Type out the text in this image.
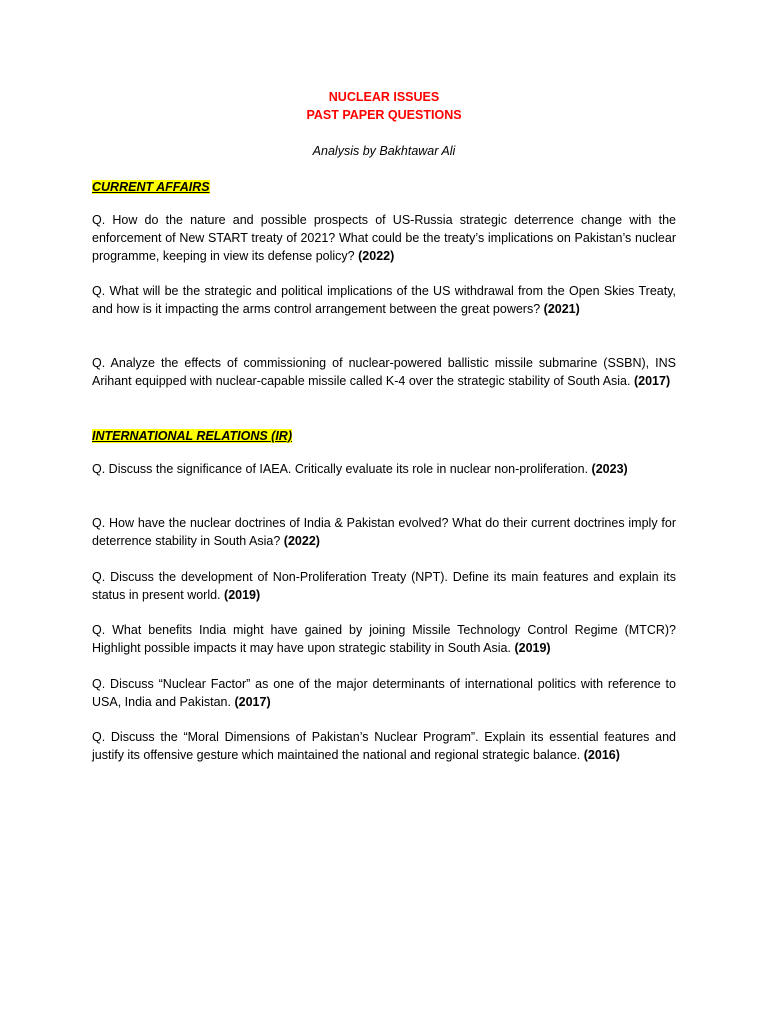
NUCLEAR ISSUES

PAST PAPER QUESTIONS

Analysis by Bakhtawar Ali

CURRENT AFFAIRS

Q. How do the nature and possible prospects of US-Russia strategic deterrence change with the enforcement of New START treaty of 2021? What could be the treaty’s implications on Pakistan’s nuclear programme, keeping in view its defense policy? (2022)

Q. What will be the strategic and political implications of the US withdrawal from the Open Skies Treaty, and how is it impacting the arms control arrangement between the great powers? (2021)

Q. Analyze the effects of commissioning of nuclear-powered ballistic missile submarine (SSBN), INS Arihant equipped with nuclear-capable missile called K-4 over the strategic stability of South Asia. (2017)

INTERNATIONAL RELATIONS (IR)

Q. Discuss the significance of IAEA. Critically evaluate its role in nuclear non-proliferation. (2023)

Q. How have the nuclear doctrines of India & Pakistan evolved? What do their current doctrines imply for deterrence stability in South Asia? (2022)

Q. Discuss the development of Non-Proliferation Treaty (NPT). Define its main features and explain its status in present world. (2019)

Q. What benefits India might have gained by joining Missile Technology Control Regime (MTCR)? Highlight possible impacts it may have upon strategic stability in South Asia. (2019)

Q. Discuss “Nuclear Factor” as one of the major determinants of international politics with reference to USA, India and Pakistan. (2017)

Q. Discuss the “Moral Dimensions of Pakistan’s Nuclear Program”. Explain its essential features and justify its offensive gesture which maintained the national and regional strategic balance. (2016)
